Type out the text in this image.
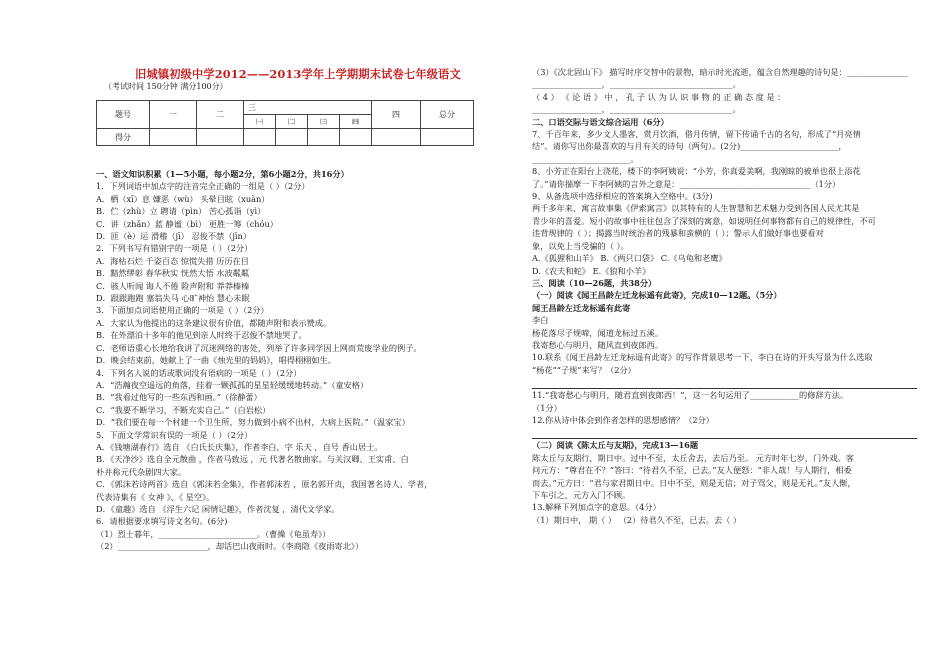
旧城镇初级中学2012——2013学年上学期期末试卷七年级语文
（考试时间 150分钟 满分100分）
题号	一	二	三				四	总分
			㈠	㈡	㈢	㈣		
得分								
一、语文知识积累（1—5小题，每小题2分，第6小题2分，共16分）
1．下列词语中加点字的注音完全正确的一组是（ ）（2分）
A．栖（xī）息 嫌恶（wù） 头晕目眩（xuàn）
B．伫（zhù）立 聘请（pìn） 苦心孤诣（yì）
C．讲（zhǎn）蓝 静谧（bì） 更胜一筹（chóu）
D．匝（è）运 滑稽（jī） 忍俊不禁（jīn）
2．下列书写有错别字的一项是（ ）（2分）
A．海枯石烂 千姿百态 惊慌失措 历历在目
B．黯然缪彰 春华秋实 恍然大悟 水波粼粼
C．骇人听闻 诲人不倦 险声附和 莽莽榛榛
D．跟跟跑跑 塞翁失马 心旷神怡 慧心未眠
3．下面加点词语使用正确的一项是（ ）（2分）
A．大家认为他提出的这条建议很有价值，都随声附和表示赞成。
B．在外漂泊十多年的他见到亲人时终于忍俊不禁地哭了。
C．老师语重心长地给我讲了沉迷网络的害处，列举了许多同学因上网而荒废学业的例子。
D．晚会结束前，她献上了一曲《烛光里的妈妈》，唱得栩栩如生。
4．下列名人说的话或歌词没有语病的一项是（ ）（2分）
A．“浩瀚夜空遥远的角落，挂着一颗孤孤的星星轻缓缓地转动。”（童安格）
B．“我看过他写的一些东西和画。”（徐静蕾）
C．“我要不断学习，不断充实自己。”（白岩松）
D．“我们要在每一个村建一个卫生所，努力做到小病不出村，大病上医院。”（温家宝）
5．下面文学常识有误的一项是（ ）（2分）
A．《钱塘湖春行》选自 《白氏长庆集》，作者李白，字 乐天 ，自号 香山居士。
B．《天净沙》选自全元散曲 ，作者马致远 ，元 代著名散曲家。与关汉卿、王实甫、白
朴并称元代杂剧四大家。
C．《郭沫若诗两首》选自《郭沫若全集》，作者郭沫若 ，原名郭开贞，我国著名诗人、学者，
代表诗集有《 女神 》、《 星空》。
D．《童趣》选自 《浮生六记 闲情记趣》，作者沈复 ，清代文学家。
6．请根据要求填写诗文名句。(6分)
（1）烈士暮年，________________________。（曹操《龟虽寿》）
（2）______________________，却话巴山夜雨时。（李商隐《夜雨寄北》）
（3）《次北固山下》 描写时序交替中的景物，暗示时光流逝，蕴含自然理趣的诗句是：_______________
_________________，______________________________。
（ 4 ） 《 论 语 》 中 ， 孔 子 认 为 认 识 事 物 的 正 确 态 度 是 ：
_________________，______________________________。
二、口语交际与语文综合运用（6分）
7、千百年来，多少文人墨客，赏月饮酒，借月传情，留下传诵千古的名句，形成了“月亮情
结”。请你写出你最喜欢的与月有关的诗句（两句）。(2分)________________________，
________________________。
8、小芳正在阳台上浇花，楼下的李阿姨说：“小芳，你真爱美啊，我刚晾的被单也很上添花
了。”请你揣摩一下李阿姨的言外之意是：________________________________（1分）
9、从备选项中选择相应的答案填入空格中。(3分)
两千多年来，寓言故事集《伊索寓言》以其特有的人生智慧和艺术魅力受到各国人民尤其是
青少年的喜爱。短小的故事中往往包含了深刻的寓意，如说明任何事物都有自己的规律性，不可
违背规律的（ ）；揭露当时统治者的残暴和蛮横的（ ）；警示人们做好事也要看对
象，以免上当受骗的（ ）。
A.《狐狸和山羊》 B.《两只口袋》 C.《乌龟和老鹰》
D.《农夫和蛇》 E.《狼和小羊》
三、阅读（10—26题，共38分）
（一）阅读《闻王昌龄左迁龙标遥有此寄》，完成10—12题。（5分）
闻王昌龄左迁龙标遥有此寄
李白
杨花落尽子规啼，闻道龙标过五溪。
我寄愁心与明月，随风直到夜郎西。
10.联系《闻王昌龄左迁龙标遥有此寄》的写作背景思考一下，李白在诗的开头写景为什么选取
“杨花”“子规”来写？（2分）
11.“我寄愁心与明月，随君直到夜郎西！”，这一名句运用了____________的修辞方法。
（1分）
12.你从诗中体会到作者怎样的思想感情？（2分）
（二）阅读《陈太丘与友期》，完成13—16题
陈太丘与友期行，期日中。过中不至，太丘舍去，去后乃至。 元方时年七岁，门外戏。客
问元方：“尊君在不？”答曰：“待君久不至，已去。”友人便怒：“非人哉！与人期行，相委
而去。”元方曰：“君与家君期日中。日中不至，则是无信；对子骂父，则是无礼。”友人惭，
下车引之，元方入门不顾。
13.解释下列加点字的意思。（4分）
（1）期日中， 期（ ） （2）待君久不至，已去。去（ ）
